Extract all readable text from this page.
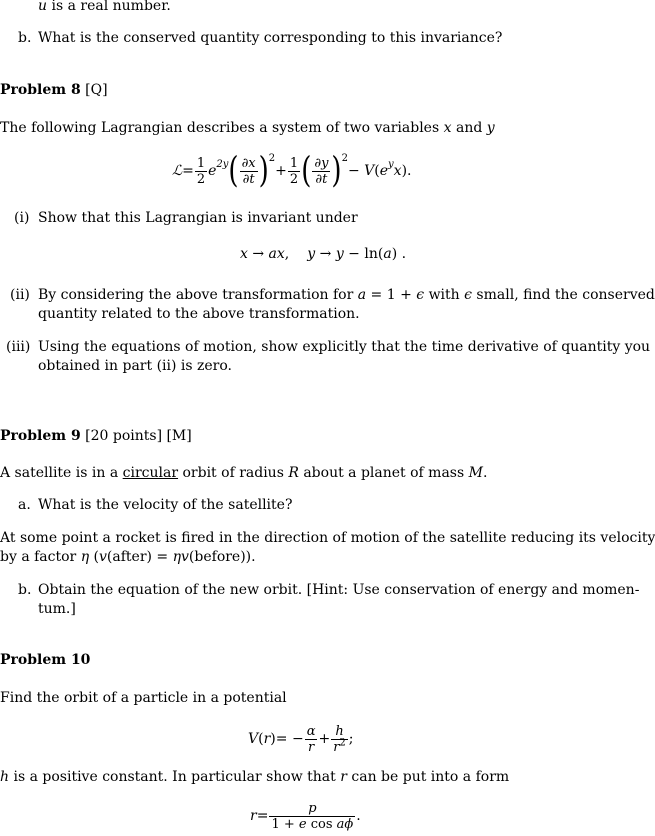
u is a real number.
b. What is the conserved quantity corresponding to this invariance?
Problem 8 [Q]
The following Lagrangian describes a system of two variables x and y
ℒ = $\frac{1}{2} e^{2y}$ ( $\frac{\partial x}{\partial t} )^2$
+ $\frac{1}{2}$ ( $\frac{\partial y}{\partial t} )^2$
− V ( $e^y$ x ) .
(i) Show that this Lagrangian is invariant under
x → ax, y → y − ln(a) .
(ii) By considering the above transformation for a = 1 + ϵ with ϵ small, find the conserved
quantity related to the above transformation.
(iii) Using the equations of motion, show explicitly that the time derivative of quantity you
obtained in part (ii) is zero.
Problem 9 [20 points] [M]
A satellite is in a circular orbit of radius R about a planet of mass M.
a. What is the velocity of the satellite?
At some point a rocket is fired in the direction of motion of the satellite reducing its velocity
by a factor η (v(after) = ηv(before)).
b. Obtain the equation of the new orbit. [Hint: Use conservation of energy and momen-
tum.]
Problem 10
Find the orbit of a particle in a potential
V ( r ) = − $\frac{\alpha}{r} + \frac{h}{r^2}$ ;
h is a positive constant. In particular show that r can be put into a form
$r = \frac{p}{\text{1 + e cos aϕ}}$ .
